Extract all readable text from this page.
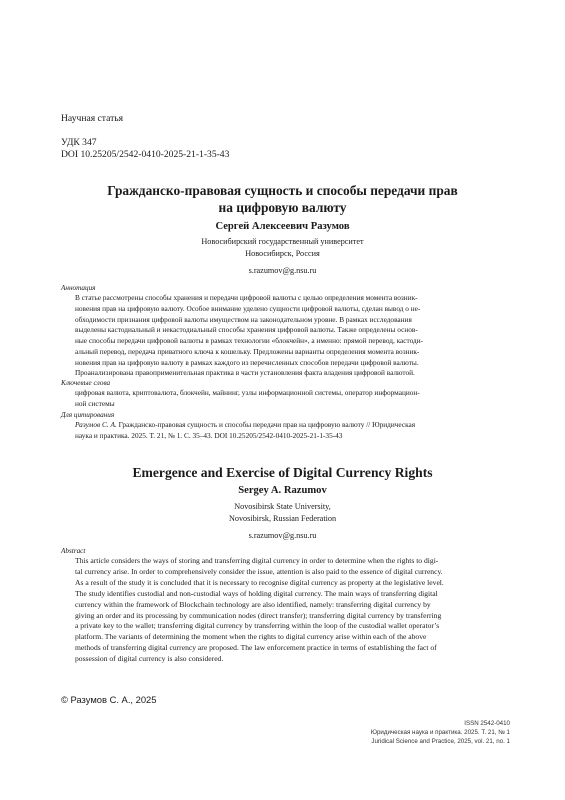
Научная статья
УДК 347
DOI 10.25205/2542-0410-2025-21-1-35-43
Гражданско-правовая сущность и способы передачи прав
на цифровую валюту
Сергей Алексеевич Разумов
Новосибирский государственный университет
Новосибирск, Россия
s.razumov@g.nsu.ru
Аннотация
В статье рассмотрены способы хранения и передачи цифровой валюты с целью определения момента возник-
новения прав на цифровую валюту. Особое внимание уделено сущности цифровой валюты, сделан вывод о не-
обходимости признания цифровой валюты имуществом на законодательном уровне. В рамках исследования
выделены кастодиальный и некастодиальный способы хранения цифровой валюты. Также определены основ-
ные способы передачи цифровой валюты в рамках технологии «блокчейн», а именно: прямой перевод, кастоди-
альный перевод, передача приватного ключа к кошельку. Предложены варианты определения момента возник-
новения прав на цифровую валюту в рамках каждого из перечисленных способов передачи цифровой валюты.
Проанализирована правоприменительная практика в части установления факта владения цифровой валютой.
Ключевые слова
цифровая валюта, криптовалюта, блокчейн, майнинг, узлы информационной системы, оператор информацион-
ной системы
Для цитирования
Разумов С. А. Гражданско-правовая сущность и способы передачи прав на цифровую валюту // Юридическая
наука и практика. 2025. Т. 21, № 1. С. 35–43. DOI 10.25205/2542-0410-2025-21-1-35-43
Emergence and Exercise of Digital Currency Rights
Sergey A. Razumov
Novosibirsk State University,
Novosibirsk, Russian Federation
s.razumov@g.nsu.ru
Abstract
This article considers the ways of storing and transferring digital currency in order to determine when the rights to digi-
tal currency arise. In order to comprehensively consider the issue, attention is also paid to the essence of digital currency.
As a result of the study it is concluded that it is necessary to recognise digital currency as property at the legislative level.
The study identifies custodial and non-custodial ways of holding digital currency. The main ways of transferring digital
currency within the framework of Blockchain technology are also identified, namely: transferring digital currency by
giving an order and its processing by communication nodes (direct transfer); transferring digital currency by transferring
a private key to the wallet; transferring digital currency by transferring within the loop of the custodial wallet operator’s
platform. The variants of determining the moment when the rights to digital currency arise within each of the above
methods of transferring digital currency are proposed. The law enforcement practice in terms of establishing the fact of
possession of digital currency is also considered.
© Разумов С. А., 2025
ISSN 2542-0410
Юридическая наука и практика. 2025. Т. 21, № 1
Juridical Science and Practice, 2025, vol. 21, no. 1
